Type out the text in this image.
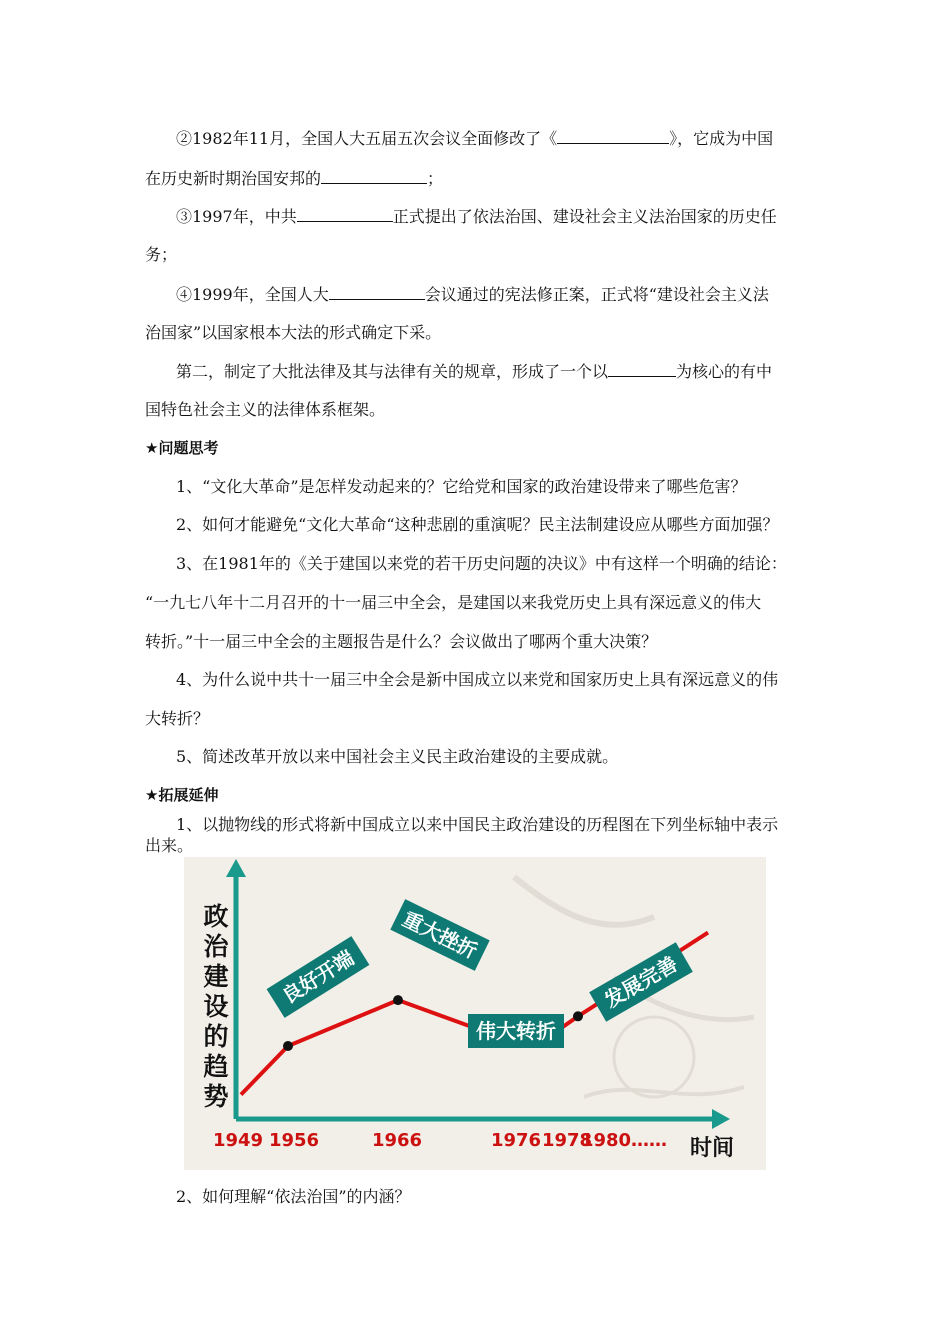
②1982年11月，全国人大五届五次会议全面修改了《	》，它成为中国
在历史新时期治国安邦的	；
③1997年，中共	正式提出了依法治国、建设社会主义法治国家的历史任
务；
④1999年，全国人大	会议通过的宪法修正案，正式将“建设社会主义法
治国家”以国家根本大法的形式确定下采。
第二，制定了大批法律及其与法律有关的规章，形成了一个以	为核心的有中
国特色社会主义的法律体系框架。
★问题思考
1、“文化大革命”是怎样发动起来的？它给党和国家的政治建设带来了哪些危害？
2、如何才能避免“文化大革命“这种悲剧的重演呢？民主法制建设应从哪些方面加强？
3、在1981年的《关于建国以来党的若干历史问题的决议》中有这样一个明确的结论：
“一九七八年十二月召开的十一届三中全会，是建国以来我党历史上具有深远意义的伟大
转折。”十一届三中全会的主题报告是什么？会议做出了哪两个重大决策？
4、为什么说中共十一届三中全会是新中国成立以来党和国家历史上具有深远意义的伟
大转折？
5、简述改革开放以来中国社会主义民主政治建设的主要成就。
★拓展延伸
1、以抛物线的形式将新中国成立以来中国民主政治建设的历程图在下列坐标轴中表示
出来。
政
治
建
设
的
趋
势
1949 1956	1966	1976 1978
1980…… 时间
良好开端
重大挫折
伟大转折
发展完善
2、如何理解“依法治国”的内涵？
